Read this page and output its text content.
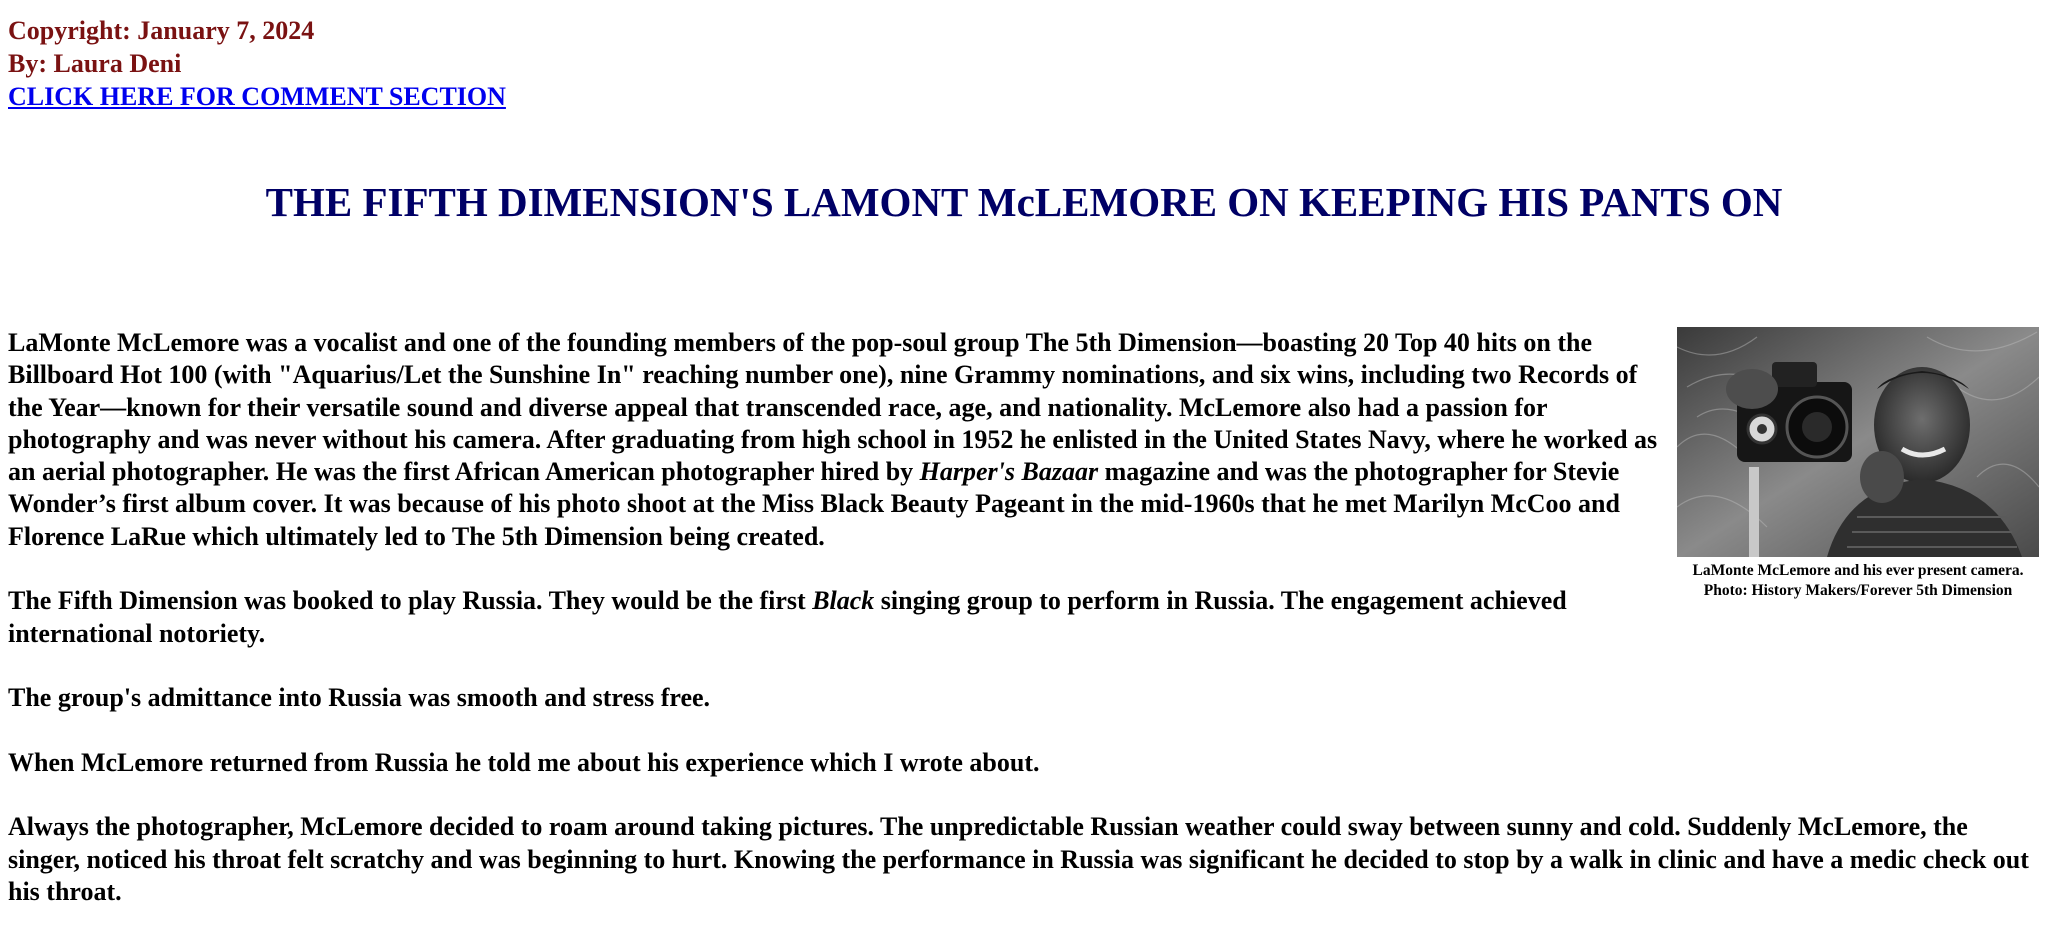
Copyright: January 7, 2024
By: Laura Deni
CLICK HERE FOR COMMENT SECTION
THE FIFTH DIMENSION'S LAMONT McLEMORE ON KEEPING HIS PANTS ON
LaMonte McLemore and his ever present camera.
Photo: History Makers/Forever 5th Dimension

LaMonte McLemore was a vocalist and one of the founding members of the pop-soul group The 5th Dimension—boasting 20 Top 40 hits on the Billboard Hot 100 (with "Aquarius/Let the Sunshine In" reaching number one), nine Grammy nominations, and six wins, including two Records of the Year—known for their versatile sound and diverse appeal that transcended race, age, and nationality. McLemore also had a passion for photography and was never without his camera. After graduating from high school in 1952 he enlisted in the United States Navy, where he worked as an aerial photographer. He was the first African American photographer hired by Harper's Bazaar magazine and was the photographer for Stevie Wonder’s first album cover. It was because of his photo shoot at the Miss Black Beauty Pageant in the mid-1960s that he met Marilyn McCoo and Florence LaRue which ultimately led to The 5th Dimension being created.

The Fifth Dimension was booked to play Russia. They would be the first Black singing group to perform in Russia. The engagement achieved international notoriety.

The group's admittance into Russia was smooth and stress free.

When McLemore returned from Russia he told me about his experience which I wrote about.

Always the photographer, McLemore decided to roam around taking pictures. The unpredictable Russian weather could sway between sunny and cold. Suddenly McLemore, the singer, noticed his throat felt scratchy and was beginning to hurt. Knowing the performance in Russia was significant he decided to stop by a walk in clinic and have a medic check out his throat.
